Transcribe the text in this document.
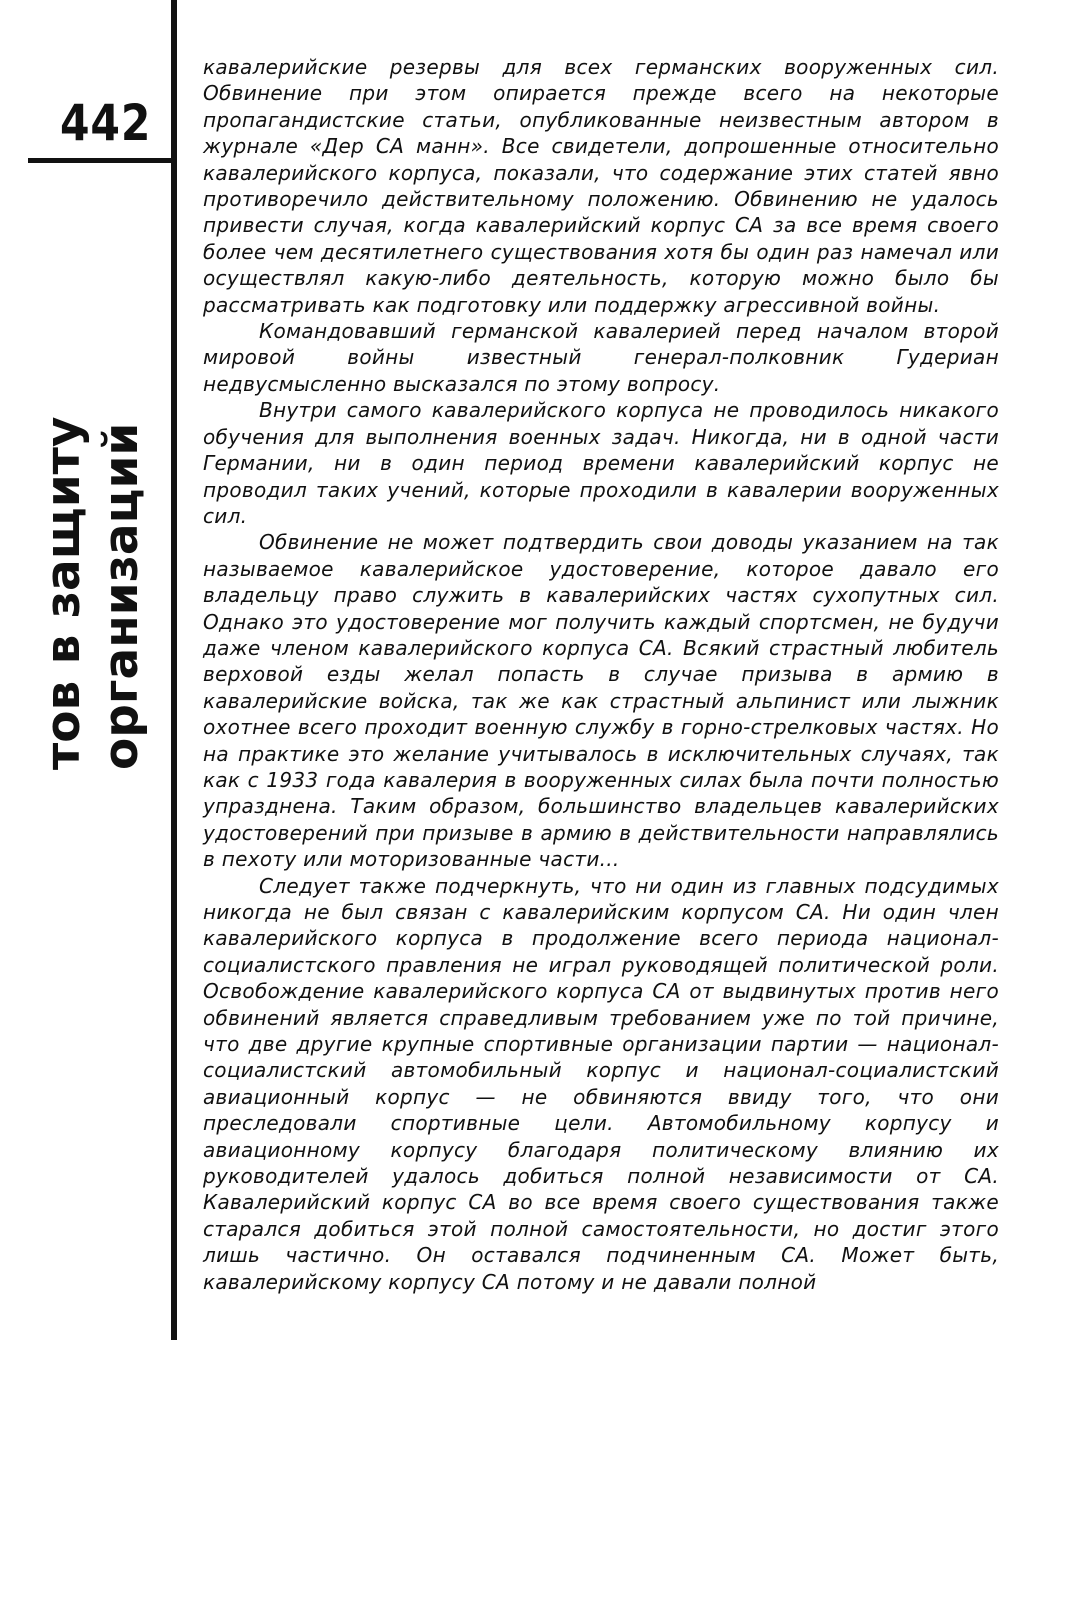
442
тов в защиту организаций

кавалерийские резервы для всех германских вооруженных сил. Обвинение при этом опирается прежде всего на некоторые пропагандистские статьи, опубликованные неизвестным автором в журнале «Дер СА манн». Все свидетели, допрошенные относительно кавалерийского корпуса, показали, что содержание этих статей явно противоречило действительному положению. Обвинению не удалось привести случая, когда кавалерийский корпус СА за все время своего более чем десятилетнего существования хотя бы один раз намечал или осуществлял какую-либо деятельность, которую можно было бы рассматривать как подготовку или поддержку агрессивной войны.

Командовавший германской кавалерией перед началом второй мировой войны известный генерал-полковник Гудериан недвусмысленно высказался по этому вопросу.

Внутри самого кавалерийского корпуса не проводилось никакого обучения для выполнения военных задач. Никогда, ни в одной части Германии, ни в один период времени кавалерийский корпус не проводил таких учений, которые проходили в кавалерии вооруженных сил.

Обвинение не может подтвердить свои доводы указанием на так называемое кавалерийское удостоверение, которое давало его владельцу право служить в кавалерийских частях сухопутных сил. Однако это удостоверение мог получить каждый спортсмен, не будучи даже членом кавалерийского корпуса СА. Всякий страстный любитель верховой езды желал попасть в случае призыва в армию в кавалерийские войска, так же как страстный альпинист или лыжник охотнее всего проходит военную службу в горно-стрелковых частях. Но на практике это желание учитывалось в исключительных случаях, так как с 1933 года кавалерия в вооруженных силах была почти полностью упразднена. Таким образом, большинство владельцев кавалерийских удостоверений при призыве в армию в действительности направлялись в пехоту или моторизованные части...

Следует также подчеркнуть, что ни один из главных подсудимых никогда не был связан с кавалерийским корпусом СА. Ни один член кавалерийского корпуса в продолжение всего периода национал-социалистского правления не играл руководящей политической роли. Освобождение кавалерийского корпуса СА от выдвинутых против него обвинений является справедливым требованием уже по той причине, что две другие крупные спортивные организации партии — национал-социалистский автомобильный корпус и национал-социалистский авиационный корпус — не обвиняются ввиду того, что они преследовали спортивные цели. Автомобильному корпусу и авиационному корпусу благодаря политическому влиянию их руководителей удалось добиться полной независимости от СА. Кавалерийский корпус СА во все время своего существования также старался добиться этой полной самостоятельности, но достиг этого лишь частично. Он оставался подчиненным СА. Может быть, кавалерийскому корпусу СА потому и не давали полной
